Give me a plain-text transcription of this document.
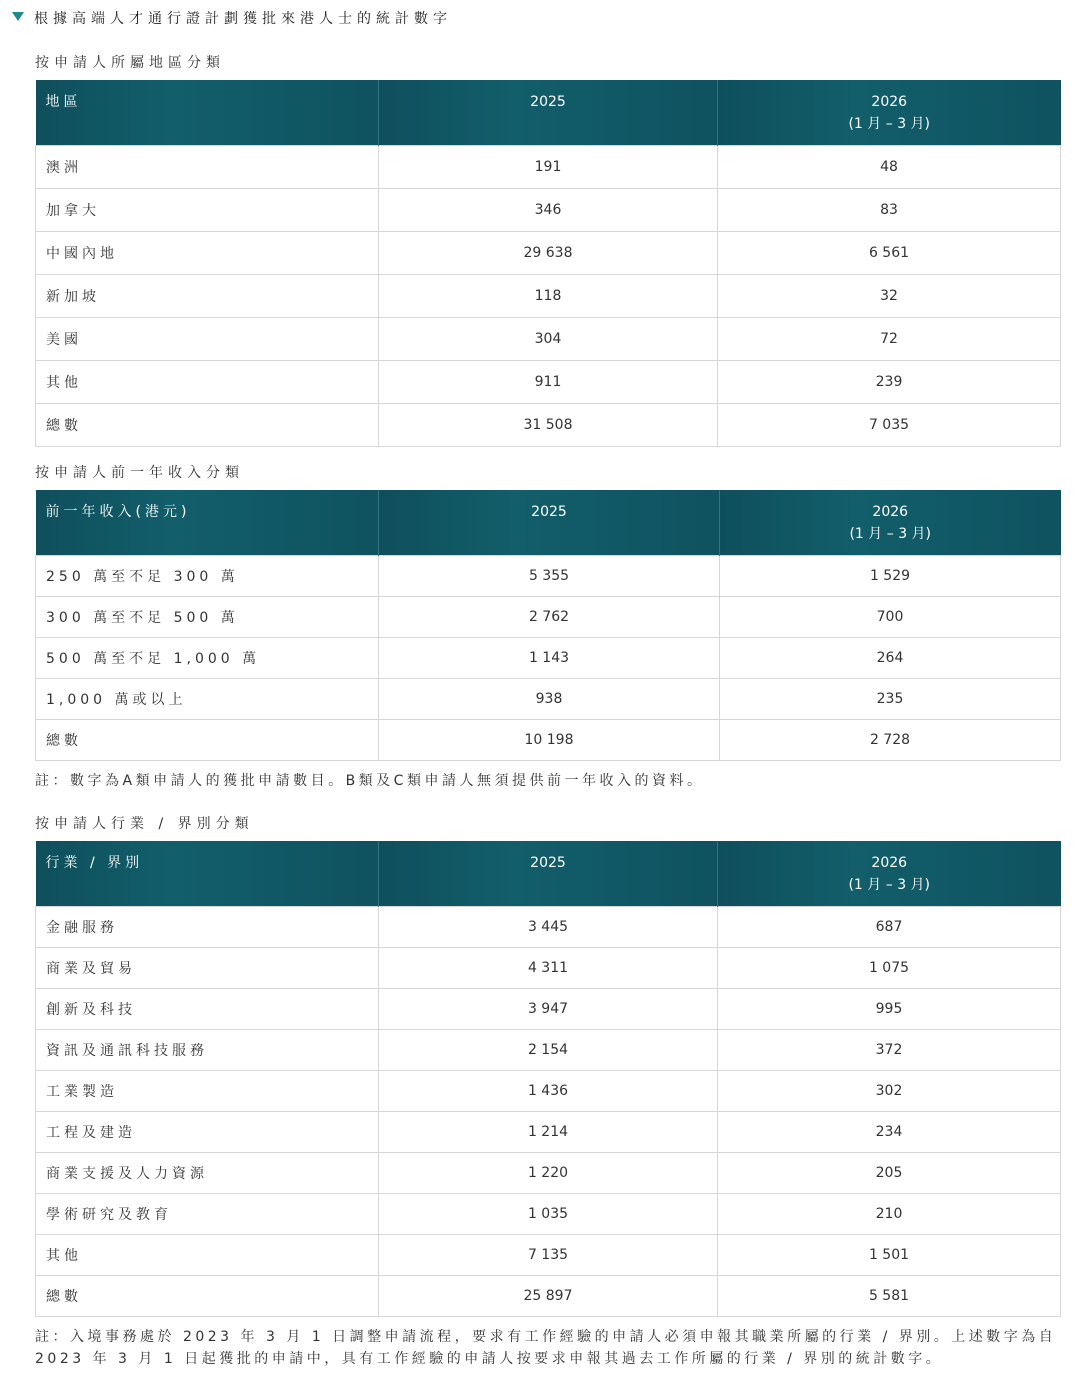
根據高端人才通行證計劃獲批來港人士的統計數字
按申請人所屬地區分類
地區	2025	2026
(1 月 – 3 月)

澳洲	191	48
加拿大	346	83
中國內地	29 638	6 561
新加坡	118	32
美國	304	72
其他	911	239
總數	31 508	7 035
按申請人前一年收入分類
前一年收入(港元)	2025	2026
(1 月 – 3 月)

250 萬至不足 300 萬	5 355	1 529
300 萬至不足 500 萬	2 762	700
500 萬至不足 1,000 萬	1 143	264
1,000 萬或以上	938	235
總數	10 198	2 728
註：數字為A類申請人的獲批申請數目。B類及C類申請人無須提供前一年收入的資料。
按申請人行業 / 界別分類
行業 / 界別	2025	2026
(1 月 – 3 月)

金融服務	3 445	687
商業及貿易	4 311	1 075
創新及科技	3 947	995
資訊及通訊科技服務	2 154	372
工業製造	1 436	302
工程及建造	1 214	234
商業支援及人力資源	1 220	205
學術研究及教育	1 035	210
其他	7 135	1 501
總數	25 897	5 581
註：入境事務處於 2023 年 3 月 1 日調整申請流程，要求有工作經驗的申請人必須申報其職業所屬的行業 / 界別。上述數字為自 2023 年 3 月 1 日起獲批的申請中，具有工作經驗的申請人按要求申報其過去工作所屬的行業 / 界別的統計數字。
